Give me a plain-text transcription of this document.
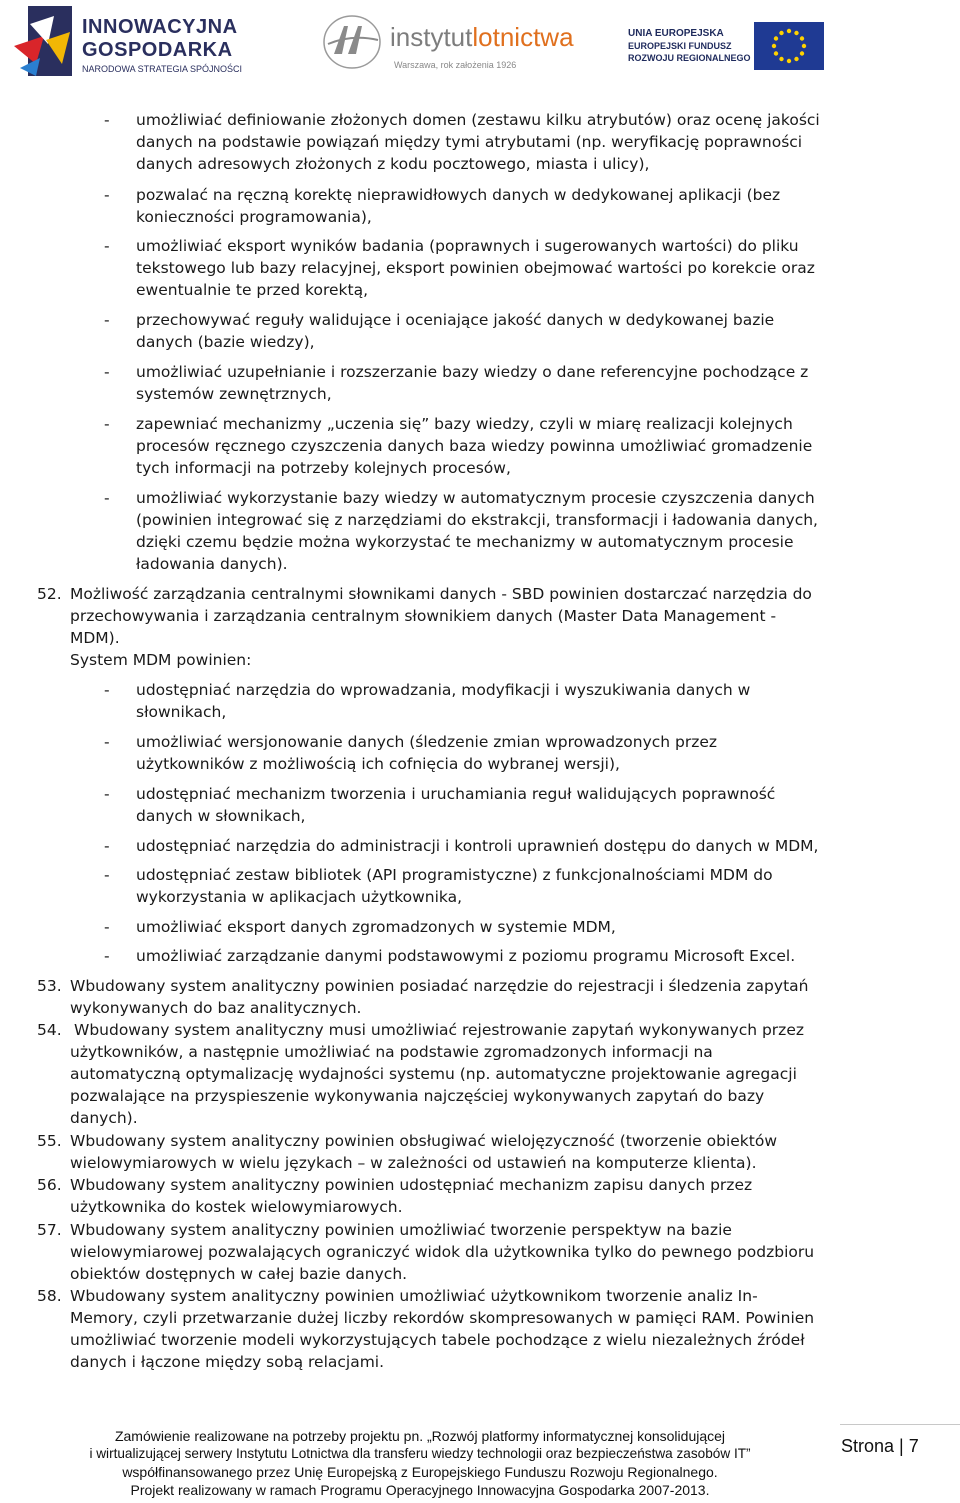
INNOWACYJNA
GOSPODARKA
NARODOWA STRATEGIA SPÓJNOŚCI
instytutlotnictwa
Warszawa, rok założenia 1926
UNIA EUROPEJSKA
EUROPEJSKI FUNDUSZ
ROZWOJU REGIONALNEGO
- umożliwiać definiowanie złożonych domen (zestawu kilku atrybutów) oraz ocenę jakości
danych na podstawie powiązań między tymi atrybutami (np. weryfikację poprawności
danych adresowych złożonych z kodu pocztowego, miasta i ulicy),
- pozwalać na ręczną korektę nieprawidłowych danych w dedykowanej aplikacji (bez
konieczności programowania),
- umożliwiać eksport wyników badania (poprawnych i sugerowanych wartości) do pliku
tekstowego lub bazy relacyjnej, eksport powinien obejmować wartości po korekcie oraz
ewentualnie te przed korektą,
- przechowywać reguły walidujące i oceniające jakość danych w dedykowanej bazie
danych (bazie wiedzy),
- umożliwiać uzupełnianie i rozszerzanie bazy wiedzy o dane referencyjne pochodzące z
systemów zewnętrznych,
- zapewniać mechanizmy „uczenia się” bazy wiedzy, czyli w miarę realizacji kolejnych
procesów ręcznego czyszczenia danych baza wiedzy powinna umożliwiać gromadzenie
tych informacji na potrzeby kolejnych procesów,
- umożliwiać wykorzystanie bazy wiedzy w automatycznym procesie czyszczenia danych
(powinien integrować się z narzędziami do ekstrakcji, transformacji i ładowania danych,
dzięki czemu będzie można wykorzystać te mechanizmy w automatycznym procesie
ładowania danych).
52. Możliwość zarządzania centralnymi słownikami danych - SBD powinien dostarczać narzędzia do
przechowywania i zarządzania centralnym słownikiem danych (Master Data Management -
MDM).
System MDM powinien:
- udostępniać narzędzia do wprowadzania, modyfikacji i wyszukiwania danych w
słownikach,
- umożliwiać wersjonowanie danych (śledzenie zmian wprowadzonych przez
użytkowników z możliwością ich cofnięcia do wybranej wersji),
- udostępniać mechanizm tworzenia i uruchamiania reguł walidujących poprawność
danych w słownikach,
- udostępniać narzędzia do administracji i kontroli uprawnień dostępu do danych w MDM,
- udostępniać zestaw bibliotek (API programistyczne) z funkcjonalnościami MDM do
wykorzystania w aplikacjach użytkownika,
- umożliwiać eksport danych zgromadzonych w systemie MDM,
- umożliwiać zarządzanie danymi podstawowymi z poziomu programu Microsoft Excel.
53. Wbudowany system analityczny powinien posiadać narzędzie do rejestracji i śledzenia zapytań
wykonywanych do baz analitycznych.
54. Wbudowany system analityczny musi umożliwiać rejestrowanie zapytań wykonywanych przez
użytkowników, a następnie umożliwiać na podstawie zgromadzonych informacji na
automatyczną optymalizację wydajności systemu (np. automatyczne projektowanie agregacji
pozwalające na przyspieszenie wykonywania najczęściej wykonywanych zapytań do bazy
danych).
55. Wbudowany system analityczny powinien obsługiwać wielojęzyczność (tworzenie obiektów
wielowymiarowych w wielu językach – w zależności od ustawień na komputerze klienta).
56. Wbudowany system analityczny powinien udostępniać mechanizm zapisu danych przez
użytkownika do kostek wielowymiarowych.
57. Wbudowany system analityczny powinien umożliwiać tworzenie perspektyw na bazie
wielowymiarowej pozwalających ograniczyć widok dla użytkownika tylko do pewnego podzbioru
obiektów dostępnych w całej bazie danych.
58. Wbudowany system analityczny powinien umożliwiać użytkownikom tworzenie analiz In-
Memory, czyli przetwarzanie dużej liczby rekordów skompresowanych w pamięci RAM. Powinien
umożliwiać tworzenie modeli wykorzystujących tabele pochodzące z wielu niezależnych źródeł
danych i łączone między sobą relacjami.
Zamówienie realizowane na potrzeby projektu pn. „Rozwój platformy informatycznej konsolidującej
i wirtualizującej serwery Instytutu Lotnictwa dla transferu wiedzy technologii oraz bezpieczeństwa zasobów IT”
współfinansowanego przez Unię Europejską z Europejskiego Funduszu Rozwoju Regionalnego.
Projekt realizowany w ramach Programu Operacyjnego Innowacyjna Gospodarka 2007-2013.
Strona | 7
